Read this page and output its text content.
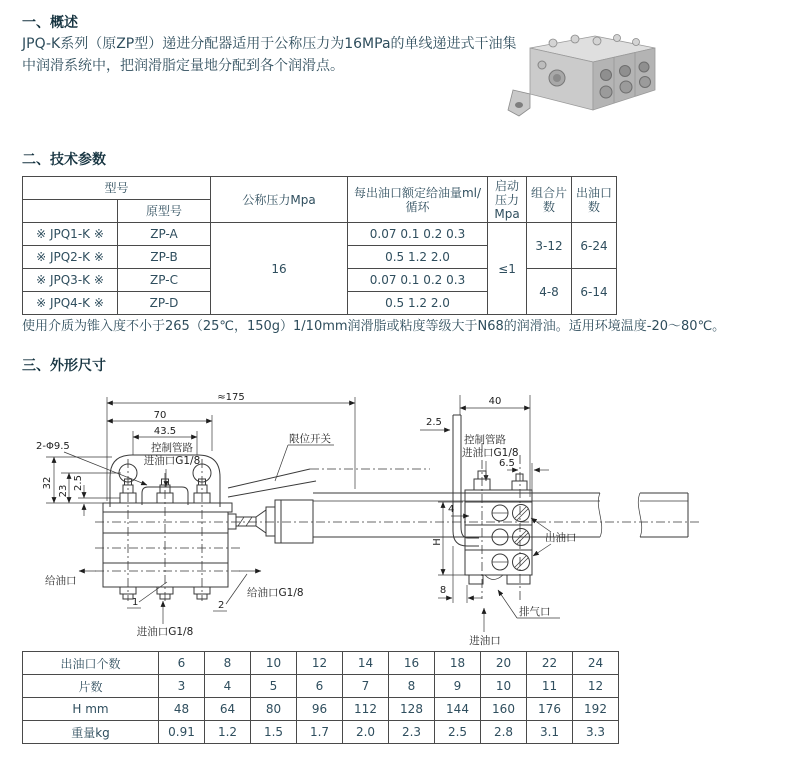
一、概述
JPQ-K系列（原ZP型）递进分配器适用于公称压力为16MPa的单线递进式干油集中润滑系统中，把润滑脂定量地分配到各个润滑点。
二、技术参数
型号		公称压力Mpa	每出油口额定给油量ml/循环	启动压力Mpa	组合片数	出油口数
	原型号					
※ JPQ1-K ※	ZP-A	16	0.07 0.1 0.2 0.3	≤1	3-12	6-24
※ JPQ2-K ※	ZP-B		0.5 1.2 2.0			
※ JPQ3-K ※	ZP-C		0.07 0.1 0.2 0.3		4-8	6-14
※ JPQ4-K ※	ZP-D		0.5 1.2 2.0			
使用介质为锥入度不小于265（25℃，150g）1/10mm润滑脂或粘度等级大于N68的润滑油。适用环境温度-20～80℃。
三、外形尺寸
≈175
70
43.5
2-Φ9.5	控制管路
进油口G1/8
限位开关
32
23
2.5
给油口
给油口G1/8
1	2
进油口G1/8
40
2.5
控制管路
进油口G1/8
6.5
H
4
出油口
8
排气口
进油口
出油口个数	6	8	10	12	14	16	18	20	22	24
片数	3	4	5	6	7	8	9	10	11	12
H mm	48	64	80	96	112	128	144	160	176	192
重量kg	0.91	1.2	1.5	1.7	2.0	2.3	2.5	2.8	3.1	3.3
